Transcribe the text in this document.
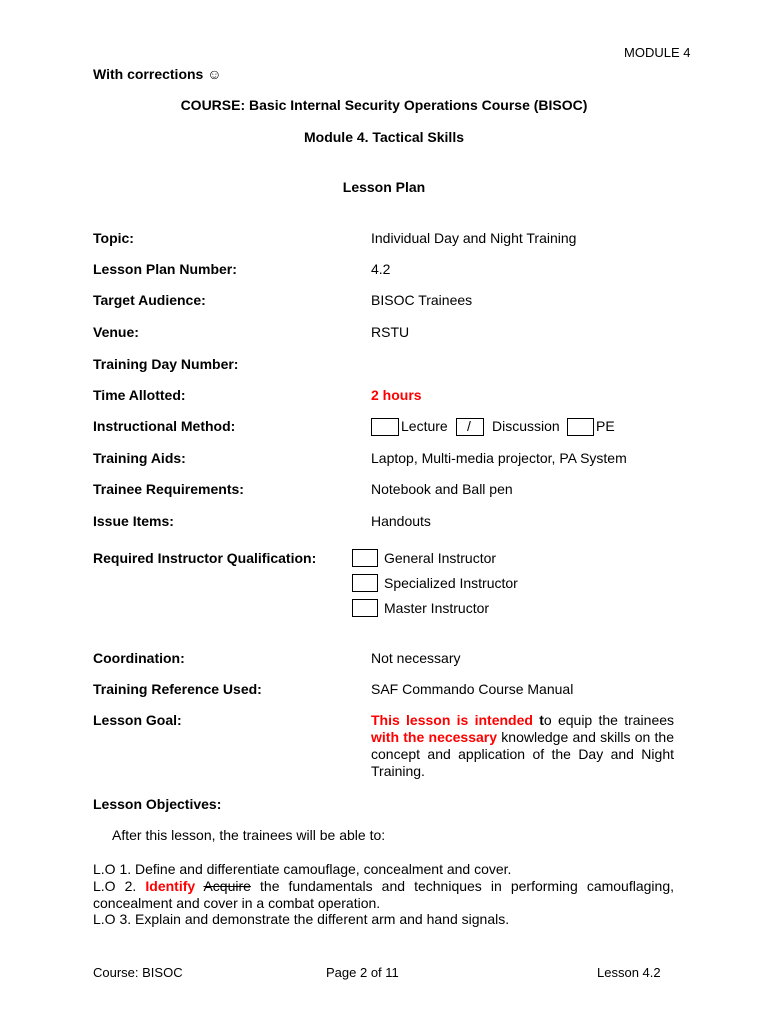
MODULE 4
With corrections ☺
COURSE: Basic Internal Security Operations Course (BISOC)
Module 4. Tactical Skills
Lesson Plan
Topic:	Individual Day and Night Training
Lesson Plan Number:	4.2
Target Audience:	BISOC Trainees
Venue:	RSTU
Training Day Number:
Time Allotted:	2 hours
Instructional Method:	Lecture / Discussion	PE
Training Aids:	Laptop, Multi-media projector, PA System
Trainee Requirements:	Notebook and Ball pen
Issue Items:	Handouts
Required Instructor Qualification:	General Instructor
Specialized Instructor
Master Instructor
Coordination:	Not necessary
Training Reference Used:	SAF Commando Course Manual
Lesson Goal:	This lesson is intended to equip the trainees with the necessary knowledge and skills on the concept and application of the Day and Night Training.
Lesson Objectives:
After this lesson, the trainees will be able to:
L.O 1. Define and differentiate camouflage, concealment and cover.
L.O 2. Identify Acquire the fundamentals and techniques in performing camouflaging, concealment and cover in a combat operation.
L.O 3. Explain and demonstrate the different arm and hand signals.
Course: BISOC	Page 2 of 11	Lesson 4.2
